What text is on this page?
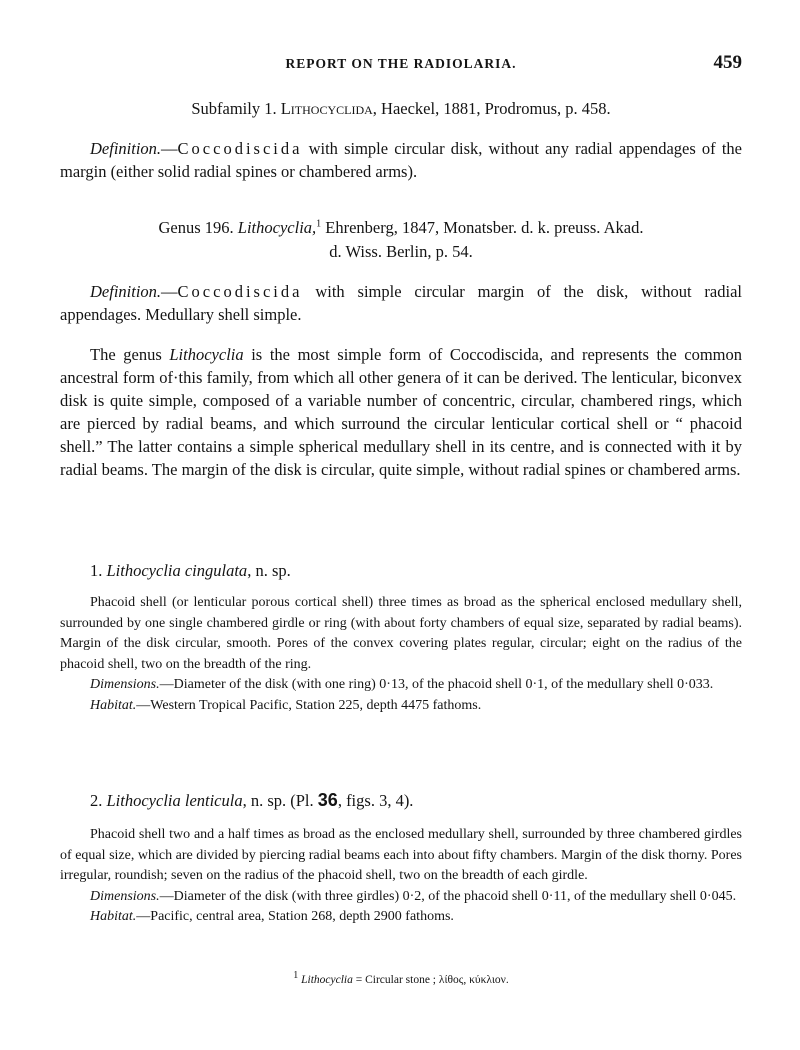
REPORT ON THE RADIOLARIA.	459
Subfamily 1. Lithocyclida, Haeckel, 1881, Prodromus, p. 458.
Definition.—Coccodiscida with simple circular disk, without any radial appendages of the margin (either solid radial spines or chambered arms).
Genus 196. Lithocyclia,$^1$ Ehrenberg, 1847, Monatsber. d. k. preuss. Akad.
d. Wiss. Berlin, p. 54.
Definition.—Coccodiscida with simple circular margin of the disk, without radial appendages. Medullary shell simple.
The genus Lithocyclia is the most simple form of Coccodiscida, and represents the common ancestral form of·this family, from which all other genera of it can be derived. The lenticular, biconvex disk is quite simple, composed of a variable number of concentric, circular, chambered rings, which are pierced by radial beams, and which surround the circular lenticular cortical shell or “ phacoid shell.” The latter contains a simple spherical medullary shell in its centre, and is connected with it by radial beams. The margin of the disk is circular, quite simple, without radial spines or chambered arms.
1. Lithocyclia cingulata, n. sp.
Phacoid shell (or lenticular porous cortical shell) three times as broad as the spherical enclosed medullary shell, surrounded by one single chambered girdle or ring (with about forty chambers of equal size, separated by radial beams). Margin of the disk circular, smooth. Pores of the convex covering plates regular, circular; eight on the radius of the phacoid shell, two on the breadth of the ring.
Dimensions.—Diameter of the disk (with one ring) 0·13, of the phacoid shell 0·1, of the medullary shell 0·033.
Habitat.—Western Tropical Pacific, Station 225, depth 4475 fathoms.
2. Lithocyclia lenticula, n. sp. (Pl. 36, figs. 3, 4).
Phacoid shell two and a half times as broad as the enclosed medullary shell, surrounded by three chambered girdles of equal size, which are divided by piercing radial beams each into about fifty chambers. Margin of the disk thorny. Pores irregular, roundish; seven on the radius of the phacoid shell, two on the breadth of each girdle.
Dimensions.—Diameter of the disk (with three girdles) 0·2, of the phacoid shell 0·11, of the medullary shell 0·045.
Habitat.—Pacific, central area, Station 268, depth 2900 fathoms.
$^1$ Lithocyclia = Circular stone ; λίθος, κύκλιον.
